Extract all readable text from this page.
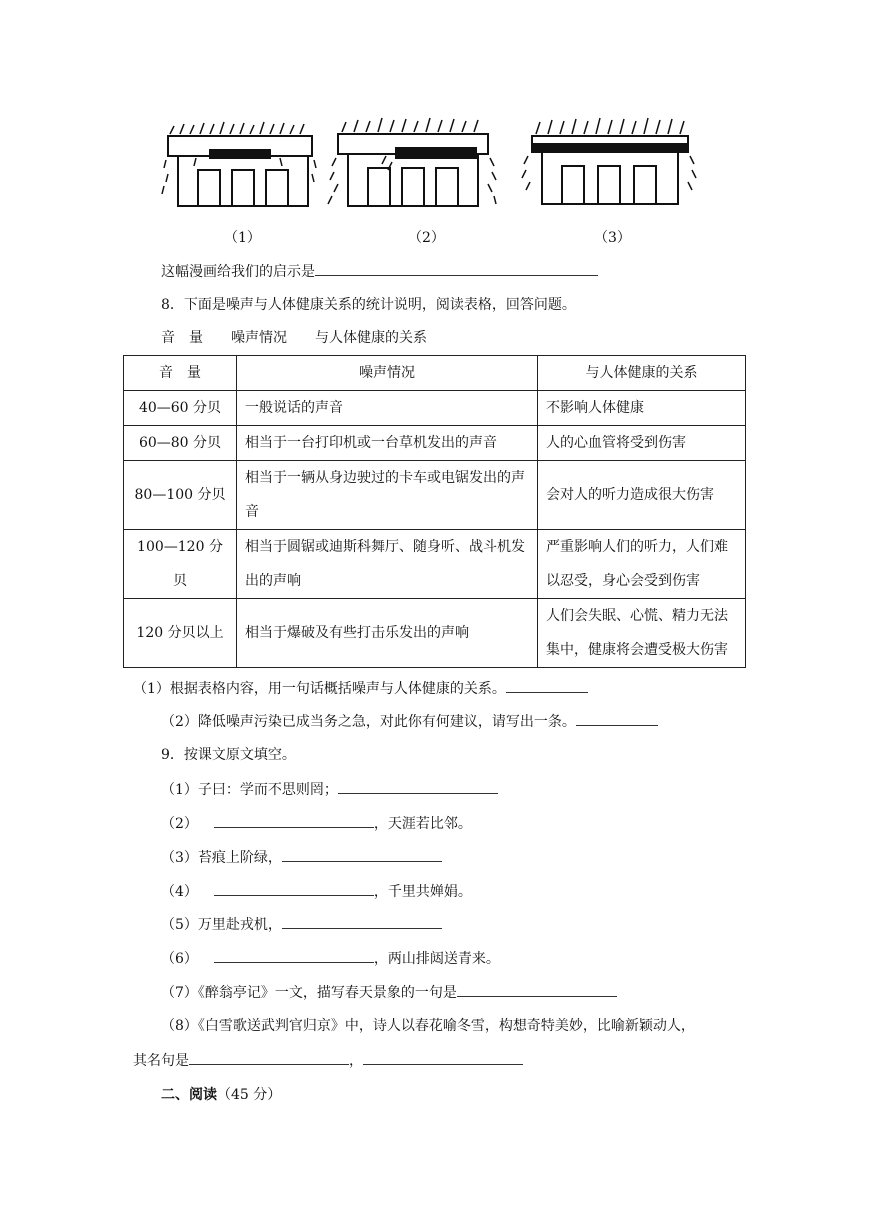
（1）	（2）	（3）
这幅漫画给我们的启示是
8．下面是噪声与人体健康关系的统计说明，阅读表格，回答问题。
音　量　　噪声情况　　与人体健康的关系
音　量	噪声情况	与人体健康的关系
40—60 分贝	一般说话的声音	不影响人体健康
60—80 分贝	相当于一台打印机或一台草机发出的声音	人的心血管将受到伤害
80—100 分贝	相当于一辆从身边驶过的卡车或电锯发出的声音	会对人的听力造成很大伤害
100—120 分贝	相当于圆锯或迪斯科舞厅、随身听、战斗机发出的声响	严重影响人们的听力，人们难以忍受，身心会受到伤害
120 分贝以上	相当于爆破及有些打击乐发出的声响	人们会失眠、心慌、精力无法集中，健康将会遭受极大伤害
（1）根据表格内容，用一句话概括噪声与人体健康的关系。
（2）降低噪声污染已成当务之急，对此你有何建议，请写出一条。
9．按课文原文填空。
（1）子曰：学而不思则罔；
（2）	，天涯若比邻。
（3）苔痕上阶绿，
（4）	，千里共婵娟。
（5）万里赴戎机，
（6）	，两山排闼送青来。
（7）《醉翁亭记》一文，描写春天景象的一句是
（8）《白雪歌送武判官归京》中，诗人以春花喻冬雪，构想奇特美妙，比喻新颖动人，
其名句是	，
二、阅读（45 分）
